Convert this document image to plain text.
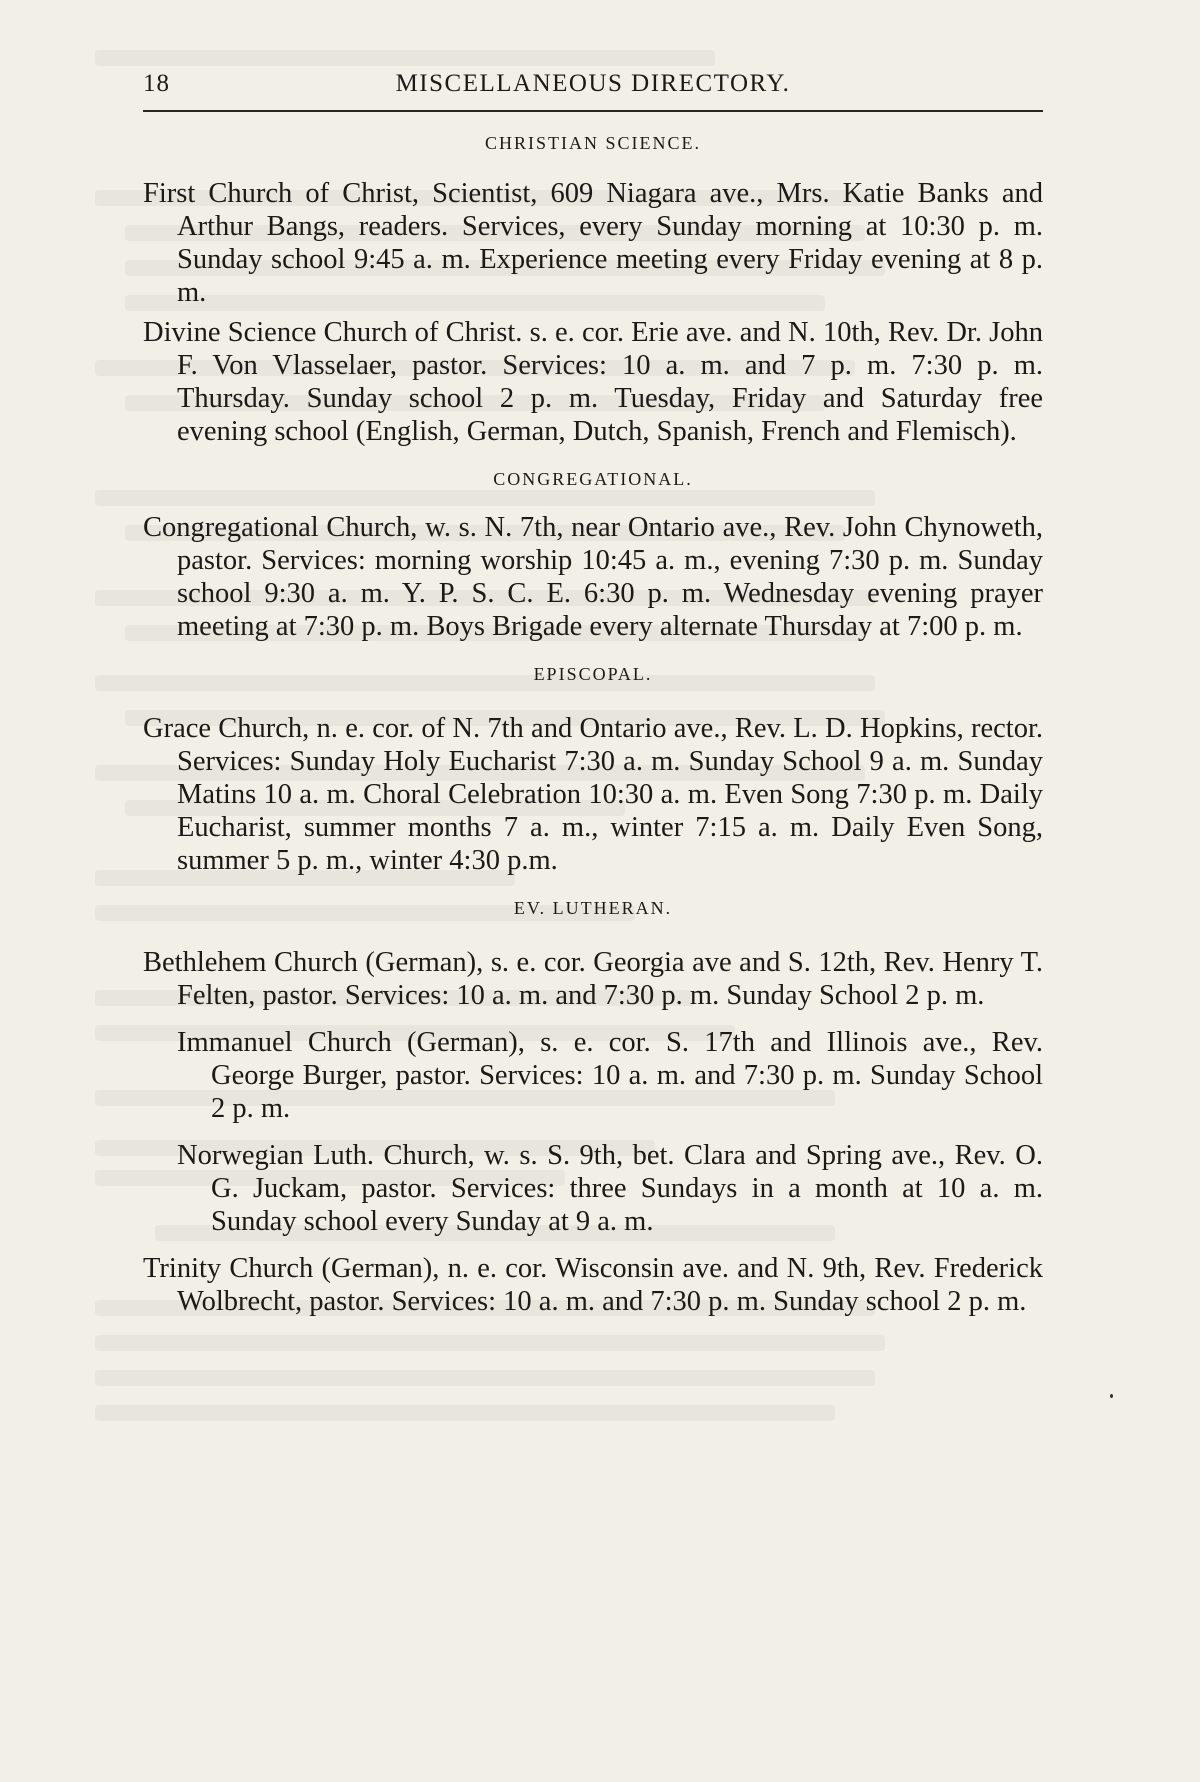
18	MISCELLANEOUS DIRECTORY.
CHRISTIAN SCIENCE.

First Church of Christ, Scientist, 609 Niagara ave., Mrs. Katie Banks and Arthur Bangs, readers. Services, every Sunday morning at 10:30 p. m. Sunday school 9:45 a. m. Experience meeting every Friday evening at 8 p. m.

Divine Science Church of Christ. s. e. cor. Erie ave. and N. 10th, Rev. Dr. John F. Von Vlasselaer, pastor. Services: 10 a. m. and 7 p. m. 7:30 p. m. Thursday. Sunday school 2 p. m. Tuesday, Friday and Saturday free evening school (English, German, Dutch, Spanish, French and Flemisch).

CONGREGATIONAL.

Congregational Church, w. s. N. 7th, near Ontario ave., Rev. John Chynoweth, pastor. Services: morning worship 10:45 a. m., evening 7:30 p. m. Sunday school 9:30 a. m. Y. P. S. C. E. 6:30 p. m. Wednesday evening prayer meeting at 7:30 p. m. Boys Brigade every alternate Thursday at 7:00 p. m.

EPISCOPAL.

Grace Church, n. e. cor. of N. 7th and Ontario ave., Rev. L. D. Hopkins, rector. Services: Sunday Holy Eucharist 7:30 a. m. Sunday School 9 a. m. Sunday Matins 10 a. m. Choral Celebration 10:30 a. m. Even Song 7:30 p. m. Daily Eucharist, summer months 7 a. m., winter 7:15 a. m. Daily Even Song, summer 5 p. m., winter 4:30 p.m.

EV. LUTHERAN.

Bethlehem Church (German), s. e. cor. Georgia ave and S. 12th, Rev. Henry T. Felten, pastor. Services: 10 a. m. and 7:30 p. m. Sunday School 2 p. m.

Immanuel Church (German), s. e. cor. S. 17th and Illinois ave., Rev. George Burger, pastor. Services: 10 a. m. and 7:30 p. m. Sunday School 2 p. m.

Norwegian Luth. Church, w. s. S. 9th, bet. Clara and Spring ave., Rev. O. G. Juckam, pastor. Services: three Sundays in a month at 10 a. m. Sunday school every Sunday at 9 a. m.

Trinity Church (German), n. e. cor. Wisconsin ave. and N. 9th, Rev. Frederick Wolbrecht, pastor. Services: 10 a. m. and 7:30 p. m. Sunday school 2 p. m.
